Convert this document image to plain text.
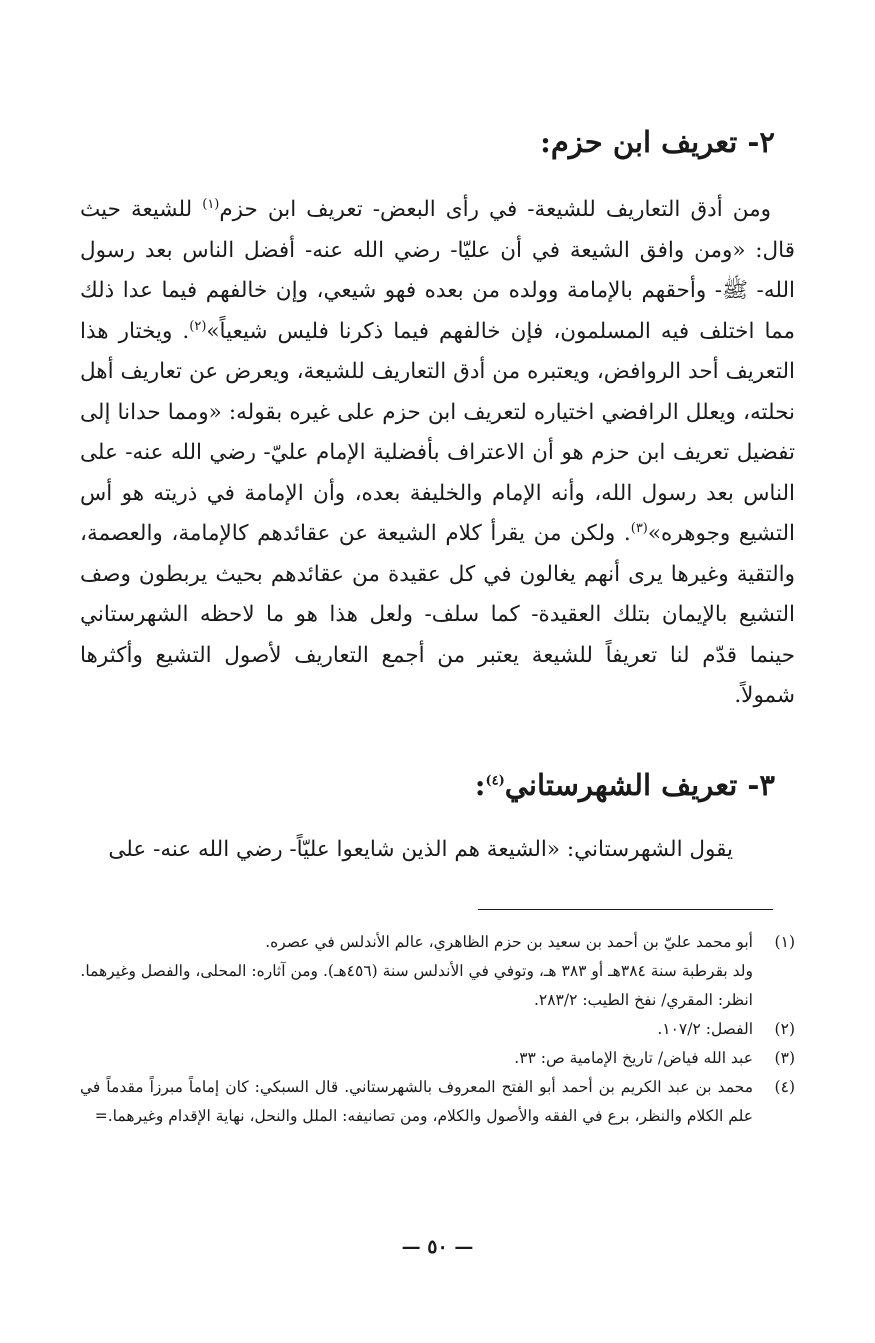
٢- تعريف ابن حزم:

ومن أدق التعاريف للشيعة- في رأى البعض- تعريف ابن حزم$^{(١)}$ للشيعة حيث قال: «ومن وافق الشيعة في أن عليّا- رضي الله عنه- أفضل الناس بعد رسول الله- ﷺ- وأحقهم بالإمامة وولده من بعده فهو شيعي، وإن خالفهم فيما عدا ذلك مما اختلف فيه المسلمون، فإن خالفهم فيما ذكرنا فليس شيعياً»$^{(٢)}$. ويختار هذا التعريف أحد الروافض، ويعتبره من أدق التعاريف للشيعة، ويعرض عن تعاريف أهل نحلته، ويعلل الرافضي اختياره لتعريف ابن حزم على غيره بقوله: «ومما حدانا إلى تفضيل تعريف ابن حزم هو أن الاعتراف بأفضلية الإمام عليّ- رضي الله عنه- على الناس بعد رسول الله، وأنه الإمام والخليفة بعده، وأن الإمامة في ذريته هو أس التشيع وجوهره»$^{(٣)}$. ولكن من يقرأ كلام الشيعة عن عقائدهم كالإمامة، والعصمة، والتقية وغيرها يرى أنهم يغالون في كل عقيدة من عقائدهم بحيث يربطون وصف التشيع بالإيمان بتلك العقيدة- كما سلف- ولعل هذا هو ما لاحظه الشهرستاني حينما قدّم لنا تعريفاً للشيعة يعتبر من أجمع التعاريف لأصول التشيع وأكثرها شمولاً.

٣- تعريف الشهرستاني$^{(٤)}$:

يقول الشهرستاني: «الشيعة هم الذين شايعوا عليّاً- رضي الله عنه- على

(١)
أبو محمد عليّ بن أحمد بن سعيد بن حزم الظاهري، عالم الأندلس في عصره.
ولد بقرطبة سنة ٣٨٤هـ أو ٣٨٣ هـ، وتوفي في الأندلس سنة (٤٥٦هـ). ومن آثاره: المحلى، والفصل وغيرهما.
انظر: المقري/ نفخ الطيب: ٢٨٣/٢.
(٢)
الفصل: ١٠٧/٢.
(٣)
عبد الله فياض/ تاريخ الإمامية ص: ٣٣.
(٤)
محمد بن عبد الكريم بن أحمد أبو الفتح المعروف بالشهرستاني. قال السبكي: كان إماماً مبرزاً مقدماً في علم الكلام والنظر، برع في الفقه والأصول والكلام، ومن تصانيفه: الملل والنحل، نهاية الإقدام وغيرهما.=
— ٥٠ —
